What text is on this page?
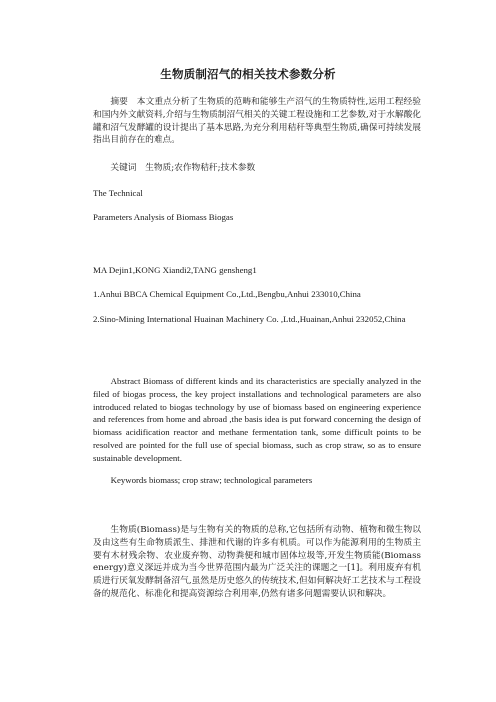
生物质制沼气的相关技术参数分析
摘要　本文重点分析了生物质的范畴和能够生产沼气的生物质特性,运用工程经验和国内外文献资料,介绍与生物质制沼气相关的关键工程设施和工艺参数,对于水解酸化罐和沼气发酵罐的设计提出了基本思路,为充分利用秸秆等典型生物质,确保可持续发展指出目前存在的难点。
关键词　生物质;农作物秸秆;技术参数
The Technical
Parameters Analysis of Biomass Biogas
MA Dejin1,KONG Xiandi2,TANG gensheng1
1.Anhui BBCA Chemical Equipment Co.,Ltd.,Bengbu,Anhui 233010,China
2.Sino-Mining International Huainan Machinery Co. ,Ltd.,Huainan,Anhui 232052,China
Abstract Biomass of different kinds and its characteristics are specially analyzed in the filed of biogas process, the key project installations and technological parameters are also introduced related to biogas technology by use of biomass based on engineering experience and references from home and abroad ,the basis idea is put forward concerning the design of biomass acidification reactor and methane fermentation tank, some difficult points to be resolved are pointed for the full use of special biomass, such as crop straw, so as to ensure sustainable development.
Keywords biomass; crop straw; technological parameters
生物质(Biomass)是与生物有关的物质的总称,它包括所有动物、植物和微生物以及由这些有生命物质派生、排泄和代谢的许多有机质。可以作为能源利用的生物质主要有木材残余物、农业废弃物、动物粪便和城市固体垃圾等,开发生物质能(Biomass energy)意义深远并成为当今世界范围内最为广泛关注的课题之一[1]。利用废弃有机质进行厌氧发酵制备沼气,虽然是历史悠久的传统技术,但如何解决好工艺技术与工程设备的规范化、标准化和提高资源综合利用率,仍然有诸多问题需要认识和解决。
